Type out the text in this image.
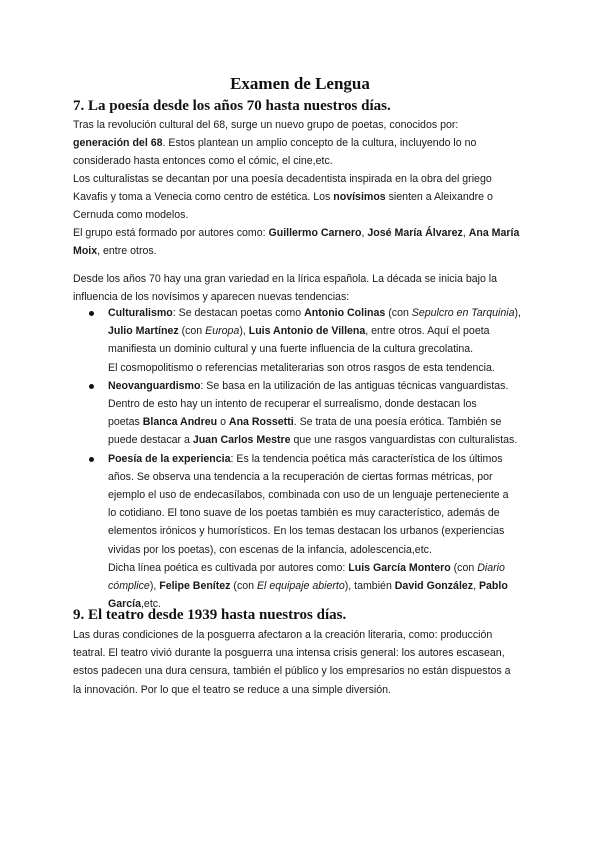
Examen de Lengua
7. La poesía desde los años 70 hasta nuestros días.
Tras la revolución cultural del 68, surge un nuevo grupo de poetas, conocidos por:
generación del 68. Estos plantean un amplio concepto de la cultura, incluyendo lo no
considerado hasta entonces como el cómic, el cine,etc.
Los culturalistas se decantan por una poesía decadentista inspirada en la obra del griego
Kavafis y toma a Venecia como centro de estética. Los novísimos sienten a Aleixandre o
Cernuda como modelos.
El grupo está formado por autores como: Guillermo Carnero, José María Álvarez, Ana María
Moix, entre otros.
Desde los años 70 hay una gran variedad en la lírica española. La década se inicia bajo la
influencia de los novísimos y aparecen nuevas tendencias:
Culturalismo: Se destacan poetas como Antonio Colinas (con Sepulcro en Tarquinia),
Julio Martínez (con Europa), Luis Antonio de Villena, entre otros. Aquí el poeta
manifiesta un dominio cultural y una fuerte influencia de la cultura grecolatina.
El cosmopolitismo o referencias metaliterarias son otros rasgos de esta tendencia.
Neovanguardismo: Se basa en la utilización de las antiguas técnicas vanguardistas.
Dentro de esto hay un intento de recuperar el surrealismo, donde destacan los
poetas Blanca Andreu o Ana Rossetti. Se trata de una poesía erótica. También se
puede destacar a Juan Carlos Mestre que une rasgos vanguardistas con culturalistas.
Poesía de la experiencia: Es la tendencia poética más característica de los últimos
años. Se observa una tendencia a la recuperación de ciertas formas métricas, por
ejemplo el uso de endecasílabos, combinada con uso de un lenguaje perteneciente a
lo cotidiano. El tono suave de los poetas también es muy característico, además de
elementos irónicos y humorísticos. En los temas destacan los urbanos (experiencias
vividas por los poetas), con escenas de la infancia, adolescencia,etc.
Dicha línea poética es cultivada por autores como: Luis García Montero (con Diario
cómplice), Felipe Benítez (con El equipaje abierto), también David González, Pablo
García,etc.
9. El teatro desde 1939 hasta nuestros días.
Las duras condiciones de la posguerra afectaron a la creación literaria, como: producción
teatral. El teatro vivió durante la posguerra una intensa crisis general: los autores escasean,
estos padecen una dura censura, también el público y los empresarios no están dispuestos a
la innovación. Por lo que el teatro se reduce a una simple diversión.
